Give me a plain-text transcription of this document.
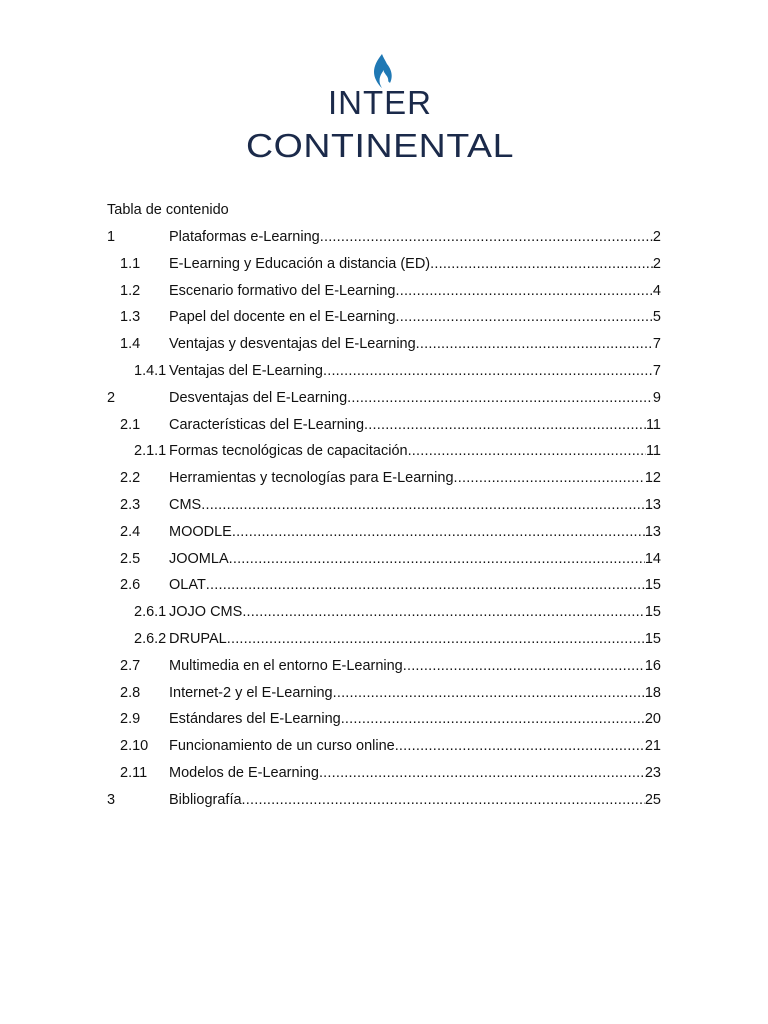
INTER
CONTINENTAL
Tabla de contenido
1	Plataformas e-Learning .....	2
1.1 E-Learning y Educación a distancia (ED) .....	2
1.2 Escenario formativo del E-Learning .....	4
1.3 Papel del docente en el E-Learning .....	5
1.4 Ventajas y desventajas del E-Learning .....	7
1.4.1 Ventajas del E-Learning .....	7
2	Desventajas del E-Learning .....	9
2.1 Características del E-Learning .....	11
2.1.1 Formas tecnológicas de capacitación .....	11
2.2 Herramientas y tecnologías para E-Learning .....	12
2.3 CMS .....	13
2.4 MOODLE .....	13
2.5 JOOMLA .....	14
2.6 OLAT .....	15
2.6.1 JOJO CMS .....	15
2.6.2 DRUPAL .....	15
2.7 Multimedia en el entorno E-Learning .....	16
2.8 Internet-2 y el E-Learning .....	18
2.9 Estándares del E-Learning .....	20
2.10 Funcionamiento de un curso online .....	21
2.11 Modelos de E-Learning .....	23
3	Bibliografía .....	25
